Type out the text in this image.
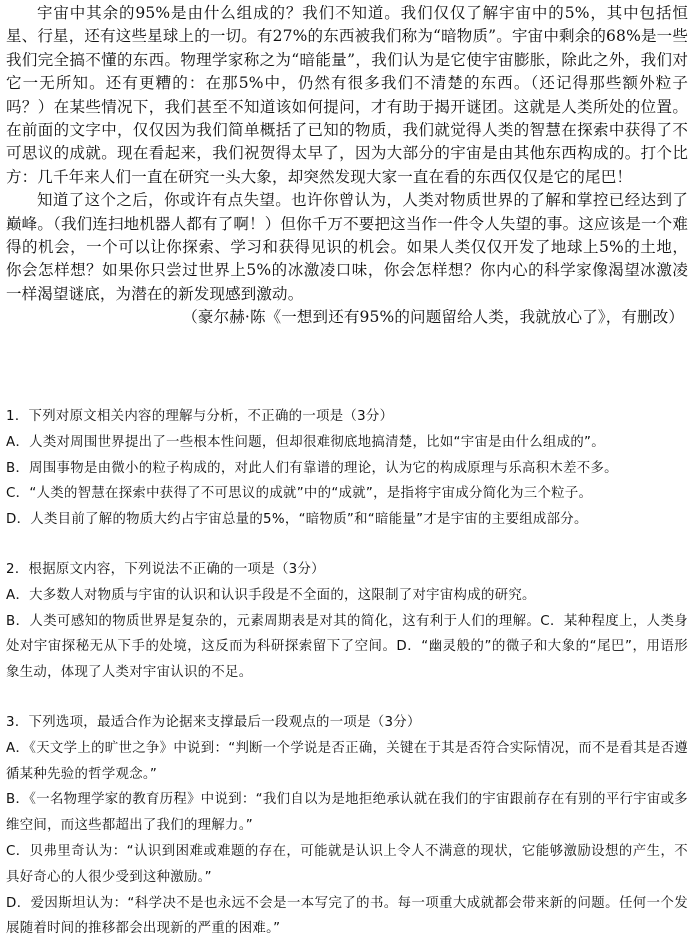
宇宙中其余的95%是由什么组成的？我们不知道。我们仅仅了解宇宙中的5%，其中包括恒星、行星，还有这些星球上的一切。有27%的东西被我们称为“暗物质”。宇宙中剩余的68%是一些我们完全搞不懂的东西。物理学家称之为“暗能量”，我们认为是它使宇宙膨胀，除此之外，我们对它一无所知。还有更糟的：在那5%中，仍然有很多我们不清楚的东西。（还记得那些额外粒子吗？）在某些情况下，我们甚至不知道该如何提问，才有助于揭开谜团。这就是人类所处的位置。在前面的文字中，仅仅因为我们简单概括了已知的物质，我们就觉得人类的智慧在探索中获得了不可思议的成就。现在看起来，我们祝贺得太早了，因为大部分的宇宙是由其他东西构成的。打个比方：几千年来人们一直在研究一头大象，却突然发现大家一直在看的东西仅仅是它的尾巴！

知道了这个之后，你或许有点失望。也许你曾认为，人类对物质世界的了解和掌控已经达到了巅峰。（我们连扫地机器人都有了啊！）但你千万不要把这当作一件令人失望的事。这应该是一个难得的机会，一个可以让你探索、学习和获得见识的机会。如果人类仅仅开发了地球上5%的土地，你会怎样想？如果你只尝过世界上5%的冰激凌口味，你会怎样想？你内心的科学家像渴望冰激凌一样渴望谜底，为潜在的新发现感到激动。

（豪尔赫·陈《一想到还有95%的问题留给人类，我就放心了》，有删改）
1．下列对原文相关内容的理解与分析，不正确的一项是（3分）
A．人类对周围世界提出了一些根本性问题，但却很难彻底地搞清楚，比如“宇宙是由什么组成的”。
B．周围事物是由微小的粒子构成的，对此人们有靠谱的理论，认为它的构成原理与乐高积木差不多。
C．“人类的智慧在探索中获得了不可思议的成就”中的“成就”，是指将宇宙成分简化为三个粒子。
D．人类目前了解的物质大约占宇宙总量的5%，“暗物质”和“暗能量”才是宇宙的主要组成部分。
2．根据原文内容，下列说法不正确的一项是（3分）
A．大多数人对物质与宇宙的认识和认识手段是不全面的，这限制了对宇宙构成的研究。
B．人类可感知的物质世界是复杂的，元素周期表是对其的简化，这有利于人们的理解。C．某种程度上，人类身处对宇宙探秘无从下手的处境，这反而为科研探索留下了空间。D．“幽灵般的”的微子和大象的“尾巴”，用语形象生动，体现了人类对宇宙认识的不足。
3．下列选项，最适合作为论据来支撑最后一段观点的一项是（3分）
A．《天文学上的旷世之争》中说到：“判断一个学说是否正确，关键在于其是否符合实际情况，而不是看其是否遵循某种先验的哲学观念。”
B．《一名物理学家的教育历程》中说到：“我们自以为是地拒绝承认就在我们的宇宙跟前存在有别的平行宇宙或多维空间，而这些都超出了我们的理解力。”
C．贝弗里奇认为：“认识到困难或难题的存在，可能就是认识上令人不满意的现状，它能够激励设想的产生，不具好奇心的人很少受到这种激励。”
D．爱因斯坦认为：“科学决不是也永远不会是一本写完了的书。每一项重大成就都会带来新的问题。任何一个发展随着时间的推移都会出现新的严重的困难。”
